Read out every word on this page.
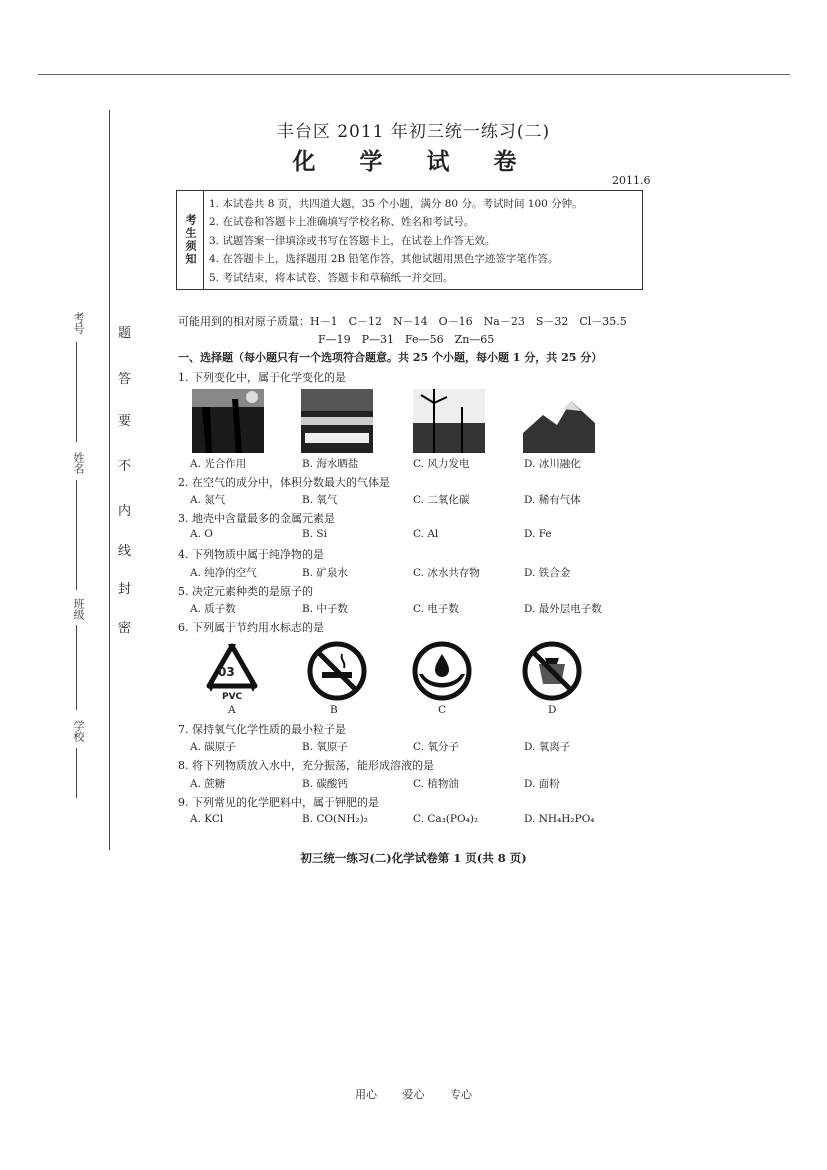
考号
姓名
班级
学校
密
封
线
内
不
要
答
题
丰台区 2011 年初三统一练习(二)
化 学 试 卷
2011.6
考生须知
1. 本试卷共 8 页，共四道大题，35 个小题，满分 80 分。考试时间 100 分钟。
2. 在试卷和答题卡上准确填写学校名称、姓名和考试号。
3. 试题答案一律填涂或书写在答题卡上，在试卷上作答无效。
4. 在答题卡上，选择题用 2B 铅笔作答，其他试题用黑色字迹签字笔作答。
5. 考试结束，将本试卷、答题卡和草稿纸一并交回。
可能用到的相对原子质量：H－1　C－12　N－14　O－16　Na－23　S－32　Cl－35.5
F—19　P—31　Fe—56　Zn—65
一、选择题（每小题只有一个选项符合题意。共 25 个小题，每小题 1 分，共 25 分）
1. 下列变化中，属于化学变化的是
A. 光合作用	B. 海水晒盐	C. 风力发电	D. 冰川融化
2. 在空气的成分中，体积分数最大的气体是
A. 氮气	B. 氧气	C. 二氧化碳	D. 稀有气体
3. 地壳中含量最多的金属元素是
A. O	B. Si	C. Al	D. Fe
4. 下列物质中属于纯净物的是
A. 纯净的空气	B. 矿泉水	C. 冰水共存物	D. 铁合金
5. 决定元素种类的是原子的
A. 质子数	B. 中子数	C. 电子数	D. 最外层电子数
6. 下列属于节约用水标志的是
03
PVC
A	B	C	D
7. 保持氧气化学性质的最小粒子是
A. 碳原子	B. 氧原子	C. 氧分子	D. 氧离子
8. 将下列物质放入水中，充分振荡，能形成溶液的是
A. 蔗糖	B. 碳酸钙	C. 植物油	D. 面粉
9. 下列常见的化学肥料中，属于钾肥的是
A. KCl	B. CO(NH₂)₂	C. Ca₃(PO₄)₂	D. NH₄H₂PO₄
初三统一练习(二)化学试卷第 1 页(共 8 页)
用心 爱心 专心
